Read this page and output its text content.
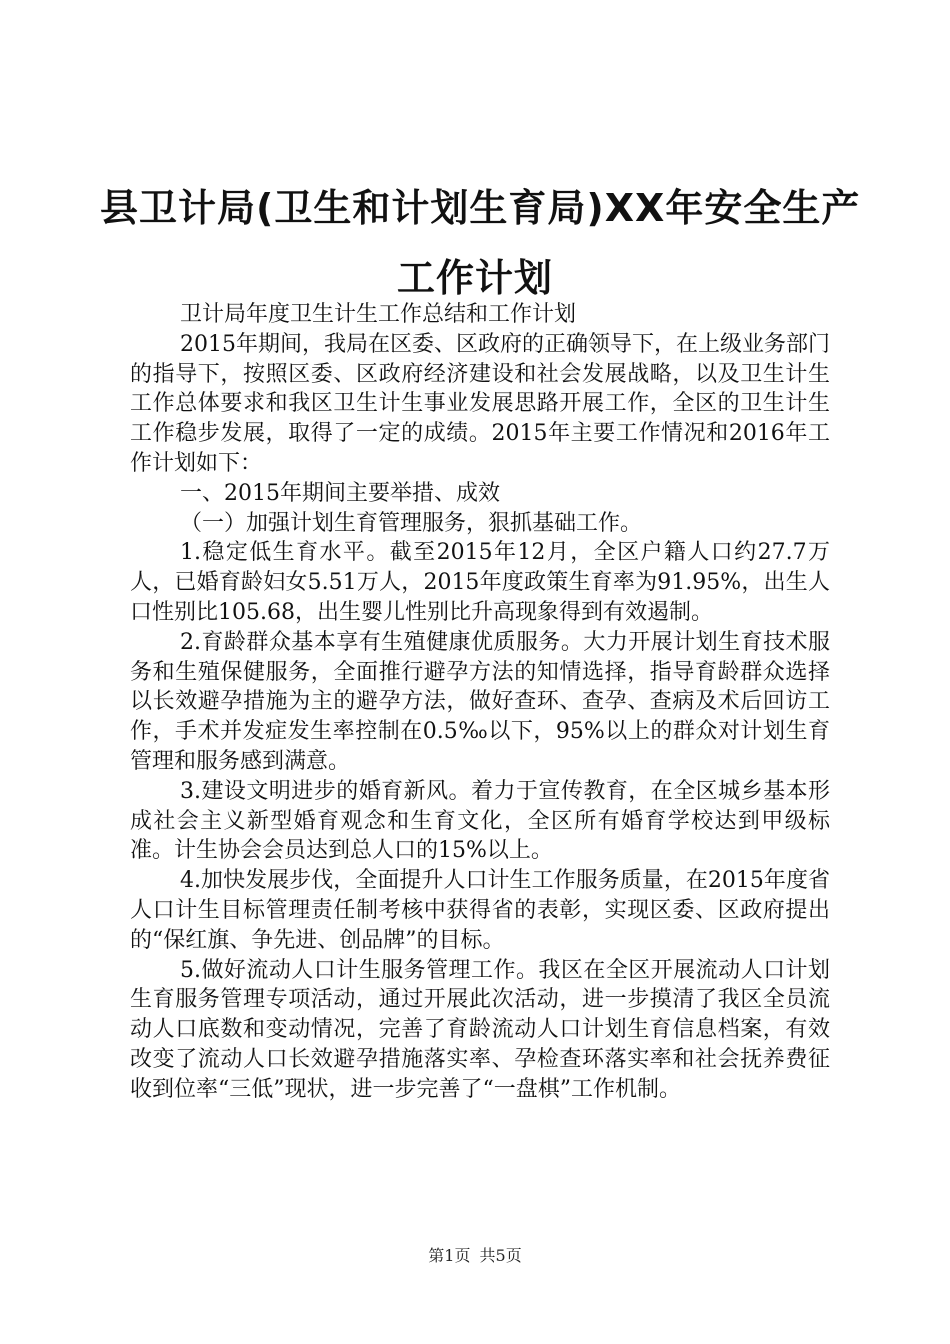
县卫计局(卫生和计划生育局)XX年安全生产
工作计划

卫计局年度卫生计生工作总结和工作计划

2015年期间，我局在区委、区政府的正确领导下，在上级业务部门的指导下，按照区委、区政府经济建设和社会发展战略，以及卫生计生工作总体要求和我区卫生计生事业发展思路开展工作，全区的卫生计生工作稳步发展，取得了一定的成绩。2015年主要工作情况和2016年工作计划如下：

一、2015年期间主要举措、成效

（一）加强计划生育管理服务，狠抓基础工作。

1.稳定低生育水平。截至2015年12月，全区户籍人口约27.7万人，已婚育龄妇女5.51万人，2015年度政策生育率为91.95%，出生人口性别比105.68，出生婴儿性别比升高现象得到有效遏制。

2.育龄群众基本享有生殖健康优质服务。大力开展计划生育技术服务和生殖保健服务，全面推行避孕方法的知情选择，指导育龄群众选择以长效避孕措施为主的避孕方法，做好查环、查孕、查病及术后回访工作，手术并发症发生率控制在0.5‰以下，95%以上的群众对计划生育管理和服务感到满意。

3.建设文明进步的婚育新风。着力于宣传教育，在全区城乡基本形成社会主义新型婚育观念和生育文化，全区所有婚育学校达到甲级标准。计生协会会员达到总人口的15%以上。

4.加快发展步伐，全面提升人口计生工作服务质量，在2015年度省人口计生目标管理责任制考核中获得省的表彰，实现区委、区政府提出的“保红旗、争先进、创品牌”的目标。

5.做好流动人口计生服务管理工作。我区在全区开展流动人口计划生育服务管理专项活动，通过开展此次活动，进一步摸清了我区全员流动人口底数和变动情况，完善了育龄流动人口计划生育信息档案，有效改变了流动人口长效避孕措施落实率、孕检查环落实率和社会抚养费征收到位率“三低”现状，进一步完善了“一盘棋”工作机制。

第1页 共5页
